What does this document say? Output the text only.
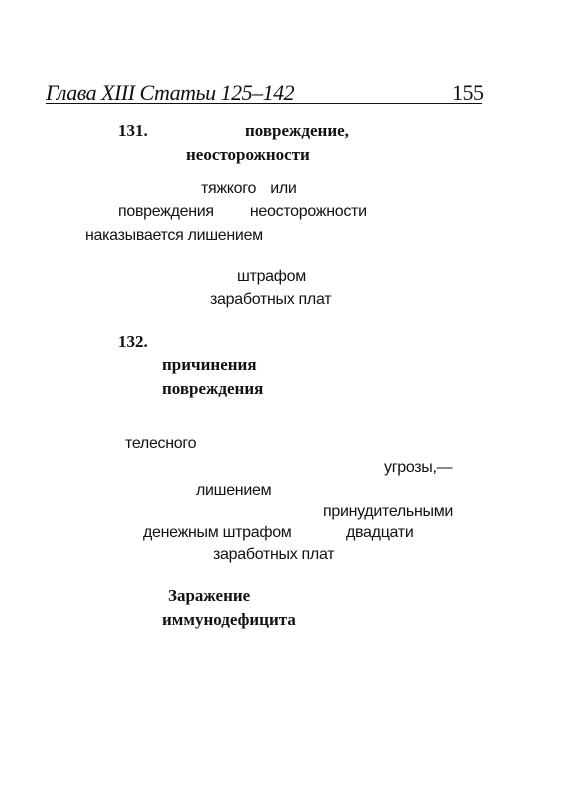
Глава XIII Статьи 125–142	155
131.	повреждение,
неосторожности
тяжкого или
повреждения неосторожности
наказывается лишением
штрафом
заработных плат
132.
причинения
повреждения
телесного
угрозы,—
лишением
принудительными
денежным штрафом	двадцати
заработных плат
Заражение
иммунодефицита
